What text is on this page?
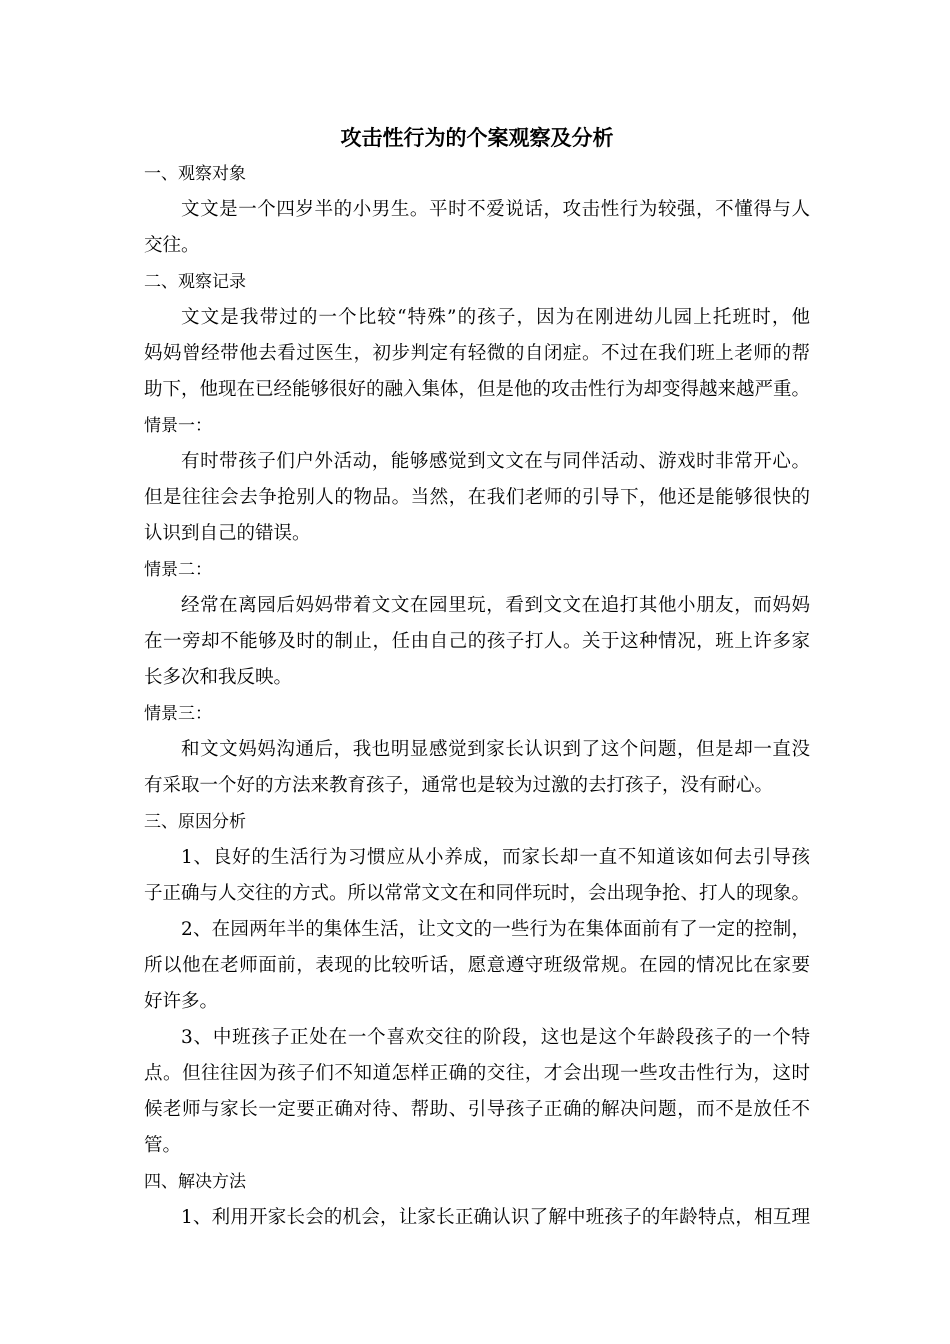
攻击性行为的个案观察及分析

一、观察对象

文文是一个四岁半的小男生。平时不爱说话，攻击性行为较强，不懂得与人

交往。

二、观察记录

文文是我带过的一个比较“特殊”的孩子，因为在刚进幼儿园上托班时，他

妈妈曾经带他去看过医生，初步判定有轻微的自闭症。不过在我们班上老师的帮

助下，他现在已经能够很好的融入集体，但是他的攻击性行为却变得越来越严重。

情景一：

有时带孩子们户外活动，能够感觉到文文在与同伴活动、游戏时非常开心。

但是往往会去争抢别人的物品。当然，在我们老师的引导下，他还是能够很快的

认识到自己的错误。

情景二：

经常在离园后妈妈带着文文在园里玩，看到文文在追打其他小朋友，而妈妈

在一旁却不能够及时的制止，任由自己的孩子打人。关于这种情况，班上许多家

长多次和我反映。

情景三：

和文文妈妈沟通后，我也明显感觉到家长认识到了这个问题，但是却一直没

有采取一个好的方法来教育孩子，通常也是较为过激的去打孩子，没有耐心。

三、原因分析

1、良好的生活行为习惯应从小养成，而家长却一直不知道该如何去引导孩

子正确与人交往的方式。所以常常文文在和同伴玩时，会出现争抢、打人的现象。

2、在园两年半的集体生活，让文文的一些行为在集体面前有了一定的控制，

所以他在老师面前，表现的比较听话，愿意遵守班级常规。在园的情况比在家要

好许多。

3、中班孩子正处在一个喜欢交往的阶段，这也是这个年龄段孩子的一个特

点。但往往因为孩子们不知道怎样正确的交往，才会出现一些攻击性行为，这时

候老师与家长一定要正确对待、帮助、引导孩子正确的解决问题，而不是放任不

管。

四、解决方法

1、利用开家长会的机会，让家长正确认识了解中班孩子的年龄特点，相互理
